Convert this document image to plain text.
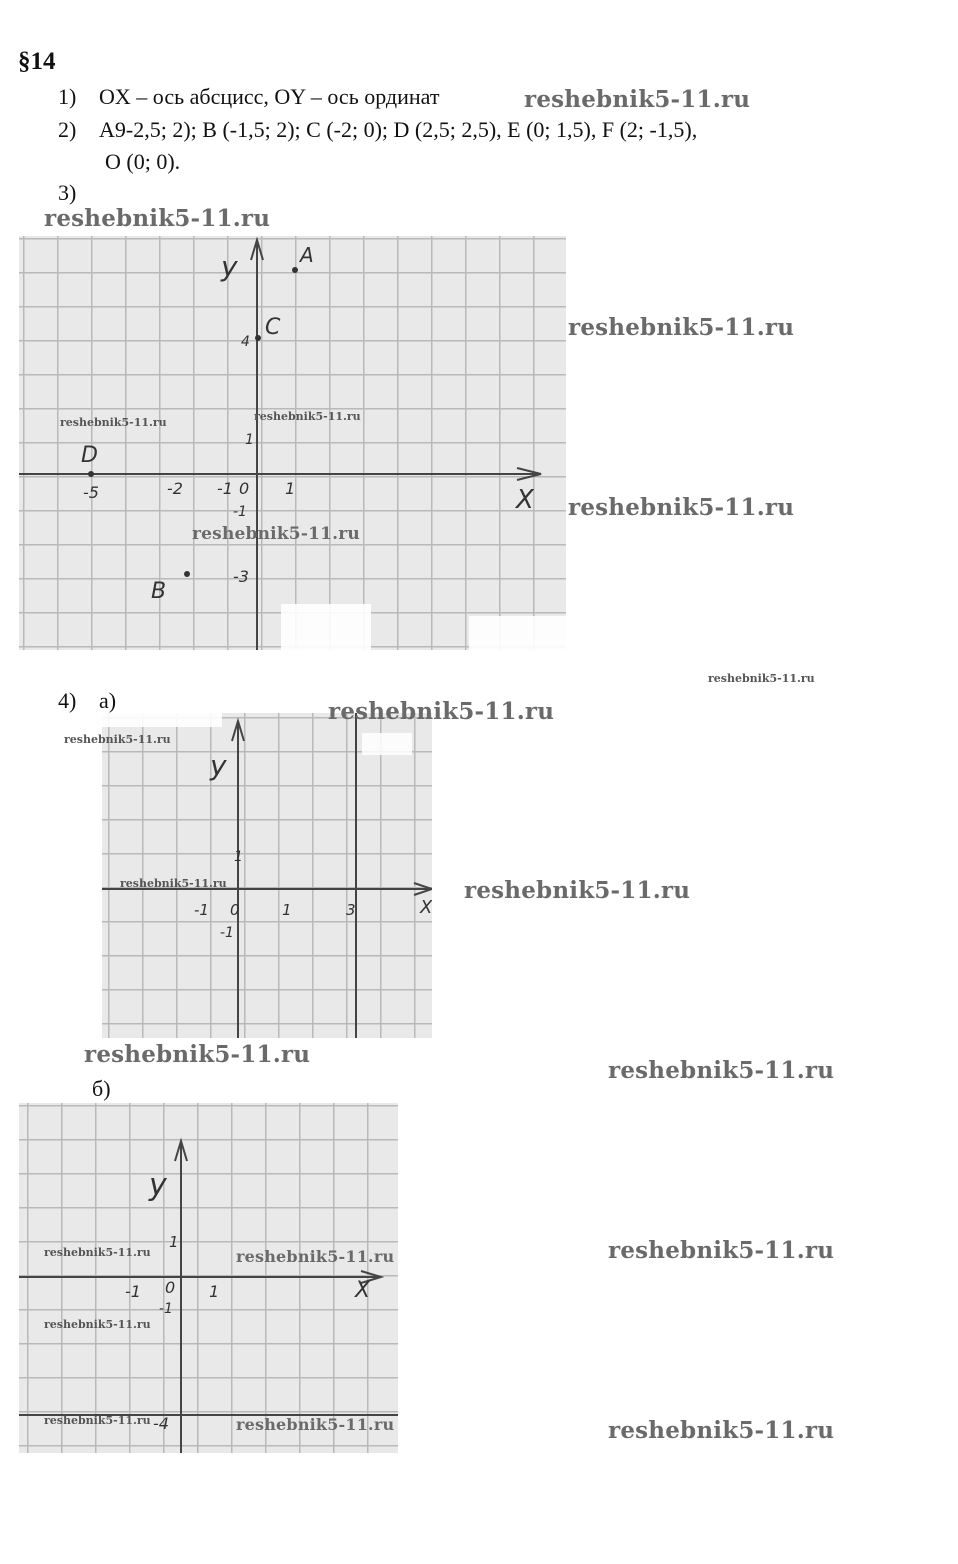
§14
1) OX – ось абсцисс, OY – ось ординат
2) A9-2,5; 2); B (-1,5; 2); C (-2; 0); D (2,5; 2,5), E (0; 1,5), F (2; -1,5),
O (0; 0).
3)
X
y	A
C
D
B
4
1
-5	-2 -1 0 1
-1
-3
4) а)
y
X
1
-1 0	1	3
-1
б)
y
X
1
-1 0 1
-1
-4
reshebnik5-11.ru
reshebnik5-11.ru
reshebnik5-11.ru
reshebnik5-11.ru	reshebnik5-11.ru
reshebnik5-11.ru
reshebnik5-11.ru
reshebnik5-11.ru
reshebnik5-11.ru
reshebnik5-11.ru
reshebnik5-11.ru	reshebnik5-11.ru
reshebnik5-11.ru
reshebnik5-11.ru
reshebnik5-11.ru
reshebnik5-11.ru	reshebnik5-11.ru
reshebnik5-11.ru
reshebnik5-11.ru	reshebnik5-11.ru	reshebnik5-11.ru
